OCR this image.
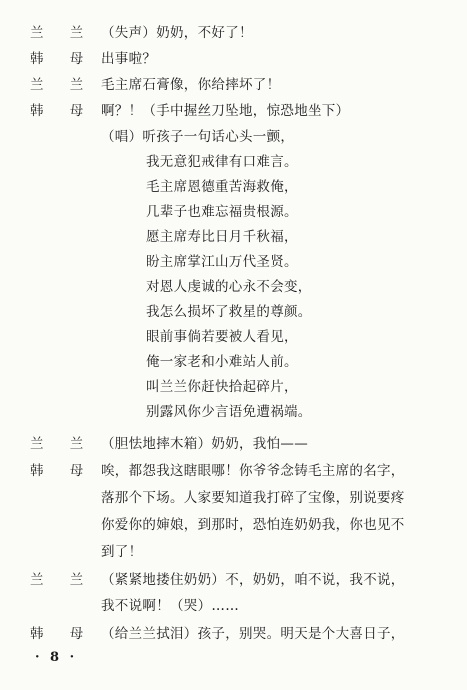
兰 兰 （失声）奶奶，不好了！
韩 母 出事啦？
兰 兰 毛主席石膏像，你给摔坏了！
韩 母 啊？！（手中握丝刀坠地，惊恐地坐下）
（唱）听孩子一句话心头一颤，
我无意犯戒律有口难言。
毛主席恩德重苦海救俺，
几辈子也难忘福贵根源。
愿主席寿比日月千秋福，
盼主席掌江山万代圣贤。
对恩人虔诚的心永不会变，
我怎么损坏了救星的尊颜。
眼前事倘若要被人看见，
俺一家老和小难站人前。
叫兰兰你赶快拾起碎片，
别露风你少言语免遭祸端。
兰 兰 （胆怯地摔木箱）奶奶，我怕——
韩 母 唉，都怨我这瞎眼哪！你爷爷念铸毛主席的名字，
落那个下场。人家要知道我打碎了宝像，别说要疼
你爱你的婶娘，到那时，恐怕连奶奶我，你也见不
到了！
兰 兰 （紧紧地搂住奶奶）不，奶奶，咱不说，我不说，
我不说啊！（哭）……
韩 母 （给兰兰拭泪）孩子，别哭。明天是个大喜日子，
· 8 ·
